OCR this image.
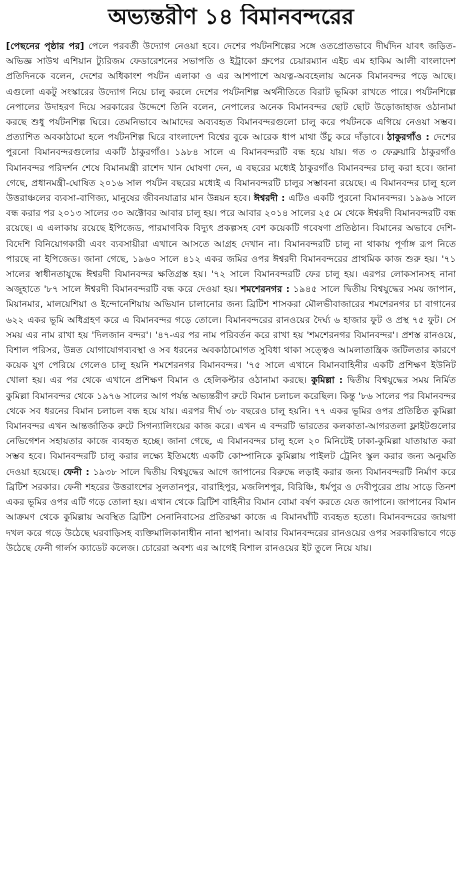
অভ্যন্তরীণ ১৪ বিমানবন্দরের

[পেছনের পৃষ্ঠার পর] পেলে পরবর্তী উদ্যোগ নেওয়া হবে। দেশের পর্যটনশিল্পের সঙ্গে ওতপ্রোতভাবে দীর্ঘদিন যাবৎ জড়িত-অভিজ্ঞ সাউথ এশিয়ান ট্যুরিজম ফেডারেশনের সভাপতি ও ইট্রাকো গ্রুপের চেয়ারম্যান এইচ এম হাকিম আলী বাংলাদেশ প্রতিদিনকে বলেন, দেশের অধিকাংশ পর্যটন এলাকা ও এর আশপাশে অযত্ন-অবহেলায় অনেক বিমানবন্দর পড়ে আছে। এগুলো একটু সংস্কারের উদ্যোগ নিয়ে চালু করলে দেশের পর্যটনশিল্প অর্থনীতিতে বিরাট ভূমিকা রাখতে পারে। পর্যটনশিল্পে নেপালের উদাহরণ দিয়ে সরকারের উদ্দেশে তিনি বলেন, নেপালের অনেক বিমানবন্দর ছোট ছোট উড়োজাহাজ ওঠানামা করছে শুধু পর্যটনশিল্প ঘিরে। তেমনিভাবে আমাদের অব্যবহৃত বিমানবন্দরগুলো চালু করে পর্যটনকে এগিয়ে নেওয়া সম্ভব। প্রত্যাশিত অবকাঠামো হলে পর্যটনশিল্প ঘিরে বাংলাদেশ বিশ্বের বুকে আরেক ধাপ মাথা উঁচু করে দাঁড়াবে। ঠাকুরগাঁও : দেশের পুরনো বিমানবন্দরগুলোর একটি ঠাকুরগাঁও। ১৯৮৪ সালে এ বিমানবন্দরটি বন্ধ হয়ে যায়। গত ৩ ফেব্রুয়ারি ঠাকুরগাঁও বিমানবন্দর পরিদর্শন শেষে বিমানমন্ত্রী রাশেদ খান ঘোষণা দেন, এ বছরের মধ্যেই ঠাকুরগাঁও বিমানবন্দর চালু করা হবে। জানা গেছে, প্রধানমন্ত্রী-ঘোষিত ২০১৬ সাল পর্যটন বছরের মধ্যেই এ বিমানবন্দরটি চালুর সম্ভাবনা রয়েছে। এ বিমানবন্দর চালু হলে উত্তরাঞ্চলের ব্যবসা-বাণিজ্য, মানুষের জীবনযাত্রার মান উন্নয়ন হবে। ঈশ্বরদী : এটিও একটি পুরনো বিমানবন্দর। ১৯৯৬ সালে বন্ধ করার পর ২০১৩ সালের ৩০ অক্টোবর আবার চালু হয়। পরে আবার ২০১৪ সালের ২৫ মে থেকে ঈশ্বরদী বিমানবন্দরটি বন্ধ রয়েছে। এ এলাকায় রয়েছে ইপিজেড, পারমাণবিক বিদ্যুৎ প্রকল্পসহ বেশ কয়েকটি গবেষণা প্রতিষ্ঠান। বিমানের অভাবে দেশি-বিদেশি বিনিয়োগকারী এবং ব্যবসায়ীরা এখানে আসতে আগ্রহ দেখান না। বিমানবন্দরটি চালু না থাকায় পূর্ণাঙ্গ রূপ নিতে পারছে না ইপিজেড। জানা গেছে, ১৯৬০ সালে ৪১২ একর জমির ওপর ঈশ্বরদী বিমানবন্দরের প্রাথমিক কাজ শুরু হয়। '৭১ সালের স্বাধীনতাযুদ্ধে ঈশ্বরদী বিমানবন্দর ক্ষতিগ্রস্ত হয়। '৭২ সালে বিমানবন্দরটি ফের চালু হয়। এরপর লোকসানসহ নানা অজুহাতে '৮৭ সালে ঈশ্বরদী বিমানবন্দরটি বন্ধ করে দেওয়া হয়। শমশেরনগর : ১৯৪৫ সালে দ্বিতীয় বিশ্বযুদ্ধের সময় জাপান, মিয়ানমার, মালয়েশিয়া ও ইন্দোনেশিয়ায় অভিযান চালানোর জন্য ব্রিটিশ শাসকরা মৌলভীবাজারের শমশেরনগর চা বাগানের ৬২২ একর ভূমি অধিগ্রহণ করে এ বিমানবন্দর গড়ে তোলে। বিমানবন্দরের রানওয়ের দৈর্ঘ্য ৬ হাজার ফুট ও প্রস্থ ৭৫ ফুট। সে সময় এর নাম রাখা হয় 'দিলজান বন্দর'। '৪৭-এর পর নাম পরিবর্তন করে রাখা হয় 'শমশেরনগর বিমানবন্দর'। প্রশস্ত রানওয়ে, বিশাল পরিসর, উন্নত যোগাযোগব্যবস্থা ও সব ধরনের অবকাঠামোগত সুবিধা থাকা সত্ত্বেও আমলাতান্ত্রিক জটিলতার কারণে কয়েক যুগ পেরিয়ে গেলেও চালু হয়নি শমশেরনগর বিমানবন্দর। '৭৫ সালে এখানে বিমানবাহিনীর একটি প্রশিক্ষণ ইউনিট খোলা হয়। এর পর থেকে এখানে প্রশিক্ষণ বিমান ও হেলিকপ্টার ওঠানামা করছে। কুমিল্লা : দ্বিতীয় বিশ্বযুদ্ধের সময় নির্মিত কুমিল্লা বিমানবন্দর থেকে ১৯৭৬ সালের আগ পর্যন্ত অভ্যন্তরীণ রুটে বিমান চলাচল করেছিল। কিন্তু '৮৬ সালের পর বিমানবন্দর থেকে সব ধরনের বিমান চলাচল বন্ধ হয়ে যায়। এরপর দীর্ঘ ৩৮ বছরেও চালু হয়নি। ৭৭ একর ভূমির ওপর প্রতিষ্ঠিত কুমিল্লা বিমানবন্দর এখন আন্তর্জাতিক রুটে সিগন্যালিংয়ের কাজ করে। এখন এ বন্দরটি ভারতের কলকাতা-আগরতলা ফ্লাইটগুলোর নেভিগেশন সহায়তার কাজে ব্যবহৃত হচ্ছে। জানা গেছে, এ বিমানবন্দর চালু হলে ২০ মিনিটেই ঢাকা-কুমিল্লা যাতায়াত করা সম্ভব হবে। বিমানবন্দরটি চালু করার লক্ষ্যে ইতিমধ্যে একটি কোম্পানিকে কুমিল্লায় পাইলট ট্রেনিং স্কুল করার জন্য অনুমতি দেওয়া হয়েছে। ফেনী : ১৯৩৮ সালে দ্বিতীয় বিশ্বযুদ্ধের আগে জাপানের বিরুদ্ধে লড়াই করার জন্য বিমানবন্দরটি নির্মাণ করে ব্রিটিশ সরকার। ফেনী শহরের উত্তরাংশের সুলতানপুর, বারাহিপুর, মজলিশপুর, বিরিঞ্চি, ধর্মপুর ও দেবীপুরের প্রায় সাড়ে তিনশ একর ভূমির ওপর এটি গড়ে তোলা হয়। এখান থেকে ব্রিটিশ বাহিনীর বিমান বোমা বর্ষণ করতে যেত জাপানে। জাপানের বিমান আক্রমণ থেকে কুমিল্লায় অবস্থিত ব্রিটিশ সেনানিবাসের প্রতিরক্ষা কাজে এ বিমানঘাঁটি ব্যবহৃত হতো। বিমানবন্দরের জায়গা দখল করে গড়ে উঠেছে ঘরবাড়িসহ ব্যক্তিমালিকানাধীন নানা স্থাপনা। আবার বিমানবন্দরের রানওয়ের ওপর সরকারিভাবে গড়ে উঠেছে ফেনী গার্লস ক্যাডেট কলেজ। চোরেরা অবশ্য এর আগেই বিশাল রানওয়ের ইট তুলে নিয়ে যায়।
